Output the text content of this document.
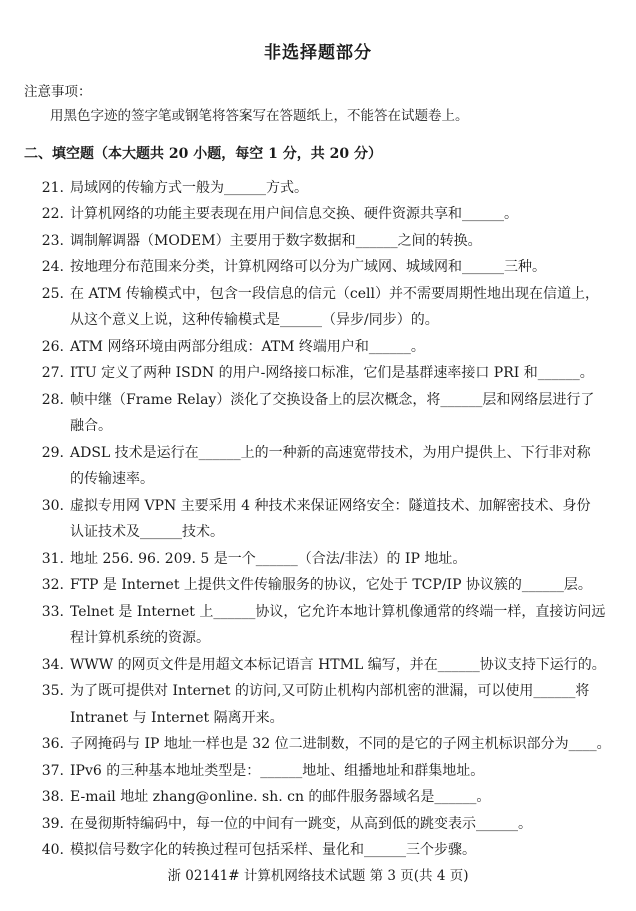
非选择题部分
注意事项：
用黑色字迹的签字笔或钢笔将答案写在答题纸上，不能答在试题卷上。
二、填空题（本大题共 20 小题，每空 1 分，共 20 分）
21. 局域网的传输方式一般为______方式。
22. 计算机网络的功能主要表现在用户间信息交换、硬件资源共享和______。
23. 调制解调器（MODEM）主要用于数字数据和______之间的转换。
24. 按地理分布范围来分类，计算机网络可以分为广域网、城域网和______三种。
25. 在 ATM 传输模式中，包含一段信息的信元（cell）并不需要周期性地出现在信道上，
从这个意义上说，这种传输模式是______（异步/同步）的。
26. ATM 网络环境由两部分组成：ATM 终端用户和______。
27. ITU 定义了两种 ISDN 的用户-网络接口标准，它们是基群速率接口 PRI 和______。
28. 帧中继（Frame Relay）淡化了交换设备上的层次概念，将______层和网络层进行了
融合。
29. ADSL 技术是运行在______上的一种新的高速宽带技术，为用户提供上、下行非对称
的传输速率。
30. 虚拟专用网 VPN 主要采用 4 种技术来保证网络安全：隧道技术、加解密技术、身份
认证技术及______技术。
31. 地址 256. 96. 209. 5 是一个______（合法/非法）的 IP 地址。
32. FTP 是 Internet 上提供文件传输服务的协议，它处于 TCP/IP 协议簇的______层。
33. Telnet 是 Internet 上______协议，它允许本地计算机像通常的终端一样，直接访问远
程计算机系统的资源。
34. WWW 的网页文件是用超文本标记语言 HTML 编写，并在______协议支持下运行的。
35. 为了既可提供对 Internet 的访问,又可防止机构内部机密的泄漏，可以使用______将
Intranet 与 Internet 隔离开来。
36. 子网掩码与 IP 地址一样也是 32 位二进制数，不同的是它的子网主机标识部分为____。
37. IPv6 的三种基本地址类型是：______地址、组播地址和群集地址。
38. E-mail 地址 zhang@online. sh. cn 的邮件服务器域名是______。
39. 在曼彻斯特编码中，每一位的中间有一跳变，从高到低的跳变表示______。
40. 模拟信号数字化的转换过程可包括采样、量化和______三个步骤。
浙 02141# 计算机网络技术试题 第 3 页(共 4 页)
